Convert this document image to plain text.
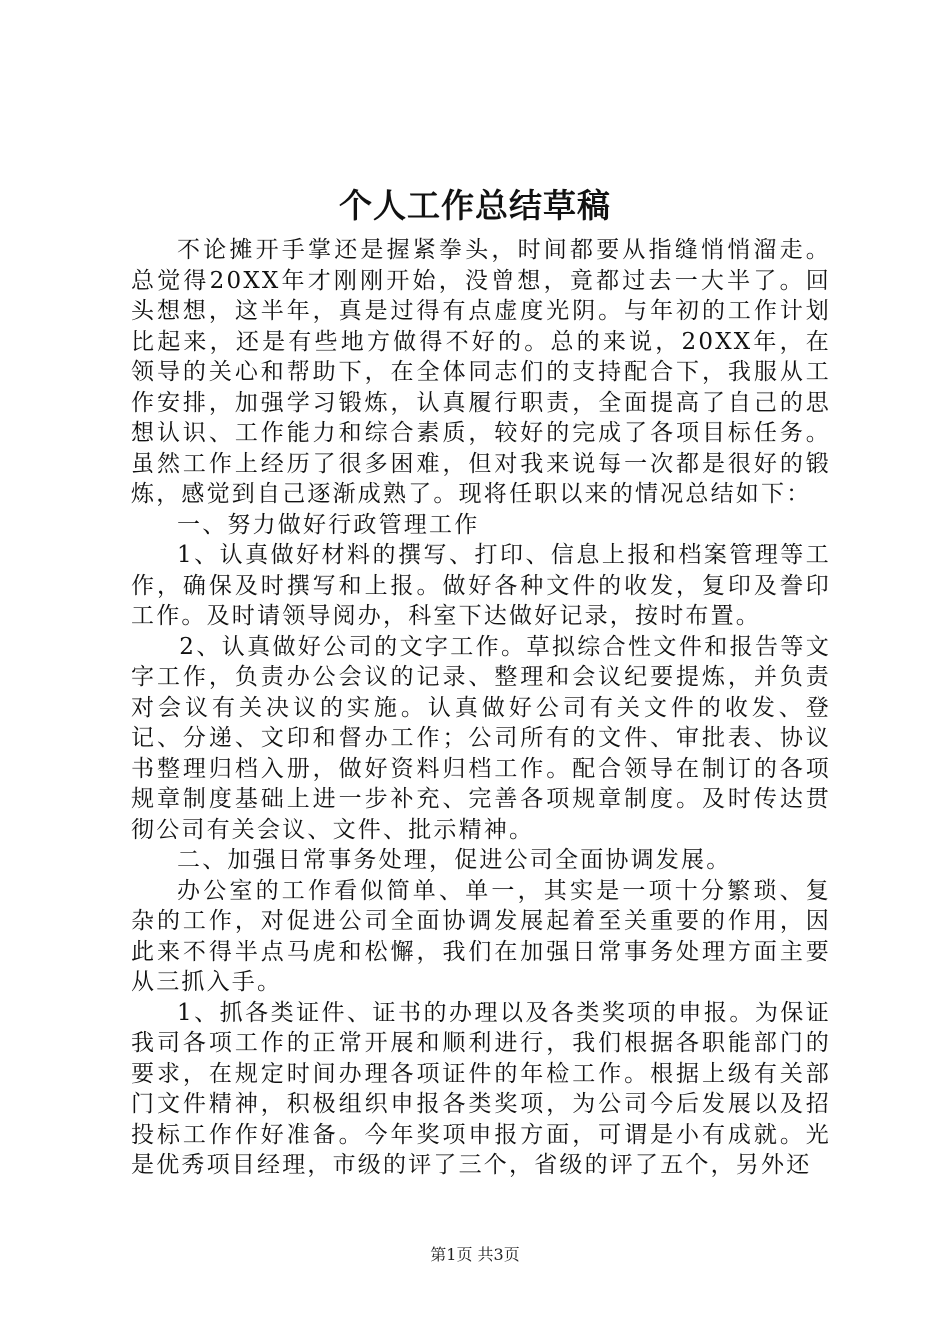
个人工作总结草稿

不论摊开手掌还是握紧拳头，时间都要从指缝悄悄溜走。总觉得20XX年才刚刚开始，没曾想，竟都过去一大半了。回头想想，这半年，真是过得有点虚度光阴。与年初的工作计划比起来，还是有些地方做得不好的。总的来说，20XX年，在领导的关心和帮助下，在全体同志们的支持配合下，我服从工作安排，加强学习锻炼，认真履行职责，全面提高了自己的思想认识、工作能力和综合素质，较好的完成了各项目标任务。虽然工作上经历了很多困难，但对我来说每一次都是很好的锻炼，感觉到自己逐渐成熟了。现将任职以来的情况总结如下：

一、努力做好行政管理工作

1、认真做好材料的撰写、打印、信息上报和档案管理等工作，确保及时撰写和上报。做好各种文件的收发，复印及誊印工作。及时请领导阅办，科室下达做好记录，按时布置。

2、认真做好公司的文字工作。草拟综合性文件和报告等文字工作，负责办公会议的记录、整理和会议纪要提炼，并负责对会议有关决议的实施。认真做好公司有关文件的收发、登记、分递、文印和督办工作；公司所有的文件、审批表、协议书整理归档入册，做好资料归档工作。配合领导在制订的各项规章制度基础上进一步补充、完善各项规章制度。及时传达贯彻公司有关会议、文件、批示精神。

二、加强日常事务处理，促进公司全面协调发展。

办公室的工作看似简单、单一，其实是一项十分繁琐、复杂的工作，对促进公司全面协调发展起着至关重要的作用，因此来不得半点马虎和松懈，我们在加强日常事务处理方面主要从三抓入手。

1、抓各类证件、证书的办理以及各类奖项的申报。为保证我司各项工作的正常开展和顺利进行，我们根据各职能部门的要求，在规定时间办理各项证件的年检工作。根据上级有关部门文件精神，积极组织申报各类奖项，为公司今后发展以及招投标工作作好准备。今年奖项申报方面，可谓是小有成就。光是优秀项目经理，市级的评了三个，省级的评了五个，另外还

第1页 共3页
